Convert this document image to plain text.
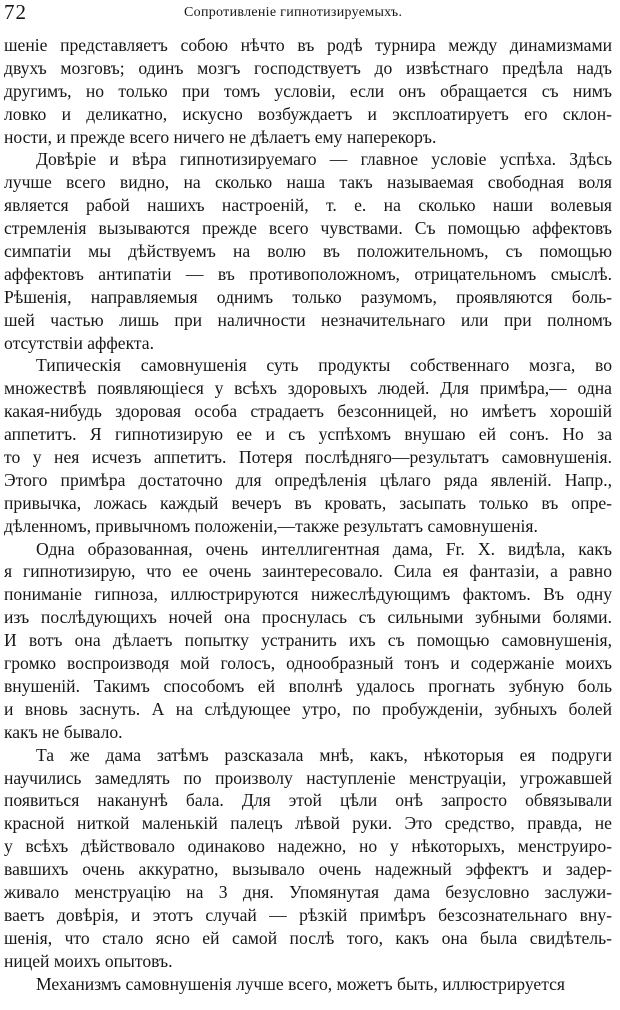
72	Сопротивленіе гипнотизируемыхъ.
шеніе представляетъ собою нѣчто въ родѣ турнира между динамизмами
двухъ мозговъ; одинъ мозгъ господствуетъ до извѣстнаго предѣла надъ
другимъ, но только при томъ условіи, если онъ обращается съ нимъ
ловко и деликатно, искусно возбуждаетъ и эксплоатируетъ его склон-
ности, и прежде всего ничего не дѣлаетъ ему наперекоръ.
Довѣріе и вѣра гипнотизируемаго — главное условіе успѣха. Здѣсь
лучше всего видно, на сколько наша такъ называемая свободная воля
является рабой нашихъ настроеній, т. е. на сколько наши волевыя
стремленія вызываются прежде всего чувствами. Съ помощью аффектовъ
симпатіи мы дѣйствуемъ на волю въ положительномъ, съ помощью
аффектовъ антипатіи — въ противоположномъ, отрицательномъ смыслѣ.
Рѣшенія, направляемыя однимъ только разумомъ, проявляются боль-
шей частью лишь при наличности незначительнаго или при полномъ
отсутствіи аффекта.
Типическія самовнушенія суть продукты собственнаго мозга, во
множествѣ появляющіеся у всѣхъ здоровыхъ людей. Для примѣра,— одна
какая-нибудь здоровая особа страдаетъ безсонницей, но имѣетъ хорошій
аппетитъ. Я гипнотизирую ее и съ успѣхомъ внушаю ей сонъ. Но за
то у нея исчезъ аппетитъ. Потеря послѣдняго—результатъ самовнушенія.
Этого примѣра достаточно для опредѣленія цѣлаго ряда явленій. Напр.,
привычка, ложась каждый вечеръ въ кровать, засыпать только въ опре-
дѣленномъ, привычномъ положеніи,—также результатъ самовнушенія.
Одна образованная, очень интеллигентная дама, Fr. X. видѣла, какъ
я гипнотизирую, что ее очень заинтересовало. Сила ея фантазіи, а равно
пониманіе гипноза, иллюстрируются нижеслѣдующимъ фактомъ. Въ одну
изъ послѣдующихъ ночей она проснулась съ сильными зубными болями.
И вотъ она дѣлаетъ попытку устранить ихъ съ помощью самовнушенія,
громко воспроизводя мой голосъ, однообразный тонъ и содержаніе моихъ
внушеній. Такимъ способомъ ей вполнѣ удалось прогнать зубную боль
и вновь заснуть. А на слѣдующее утро, по пробужденіи, зубныхъ болей
какъ не бывало.
Та же дама затѣмъ разсказала мнѣ, какъ, нѣкоторыя ея подруги
научились замедлять по произволу наступленіе менструаціи, угрожавшей
появиться наканунѣ бала. Для этой цѣли онѣ запросто обвязывали
красной ниткой маленькій палецъ лѣвой руки. Это средство, правда, не
у всѣхъ дѣйствовало одинаково надежно, но у нѣкоторыхъ, менструиро-
вавшихъ очень аккуратно, вызывало очень надежный эффектъ и задер-
живало менструацію на 3 дня. Упомянутая дама безусловно заслужи-
ваетъ довѣрія, и этотъ случай — рѣзкій примѣръ безсознательнаго вну-
шенія, что стало ясно ей самой послѣ того, какъ она была свидѣтель-
ницей моихъ опытовъ.
Механизмъ самовнушенія лучше всего, можетъ быть, иллюстрируется
